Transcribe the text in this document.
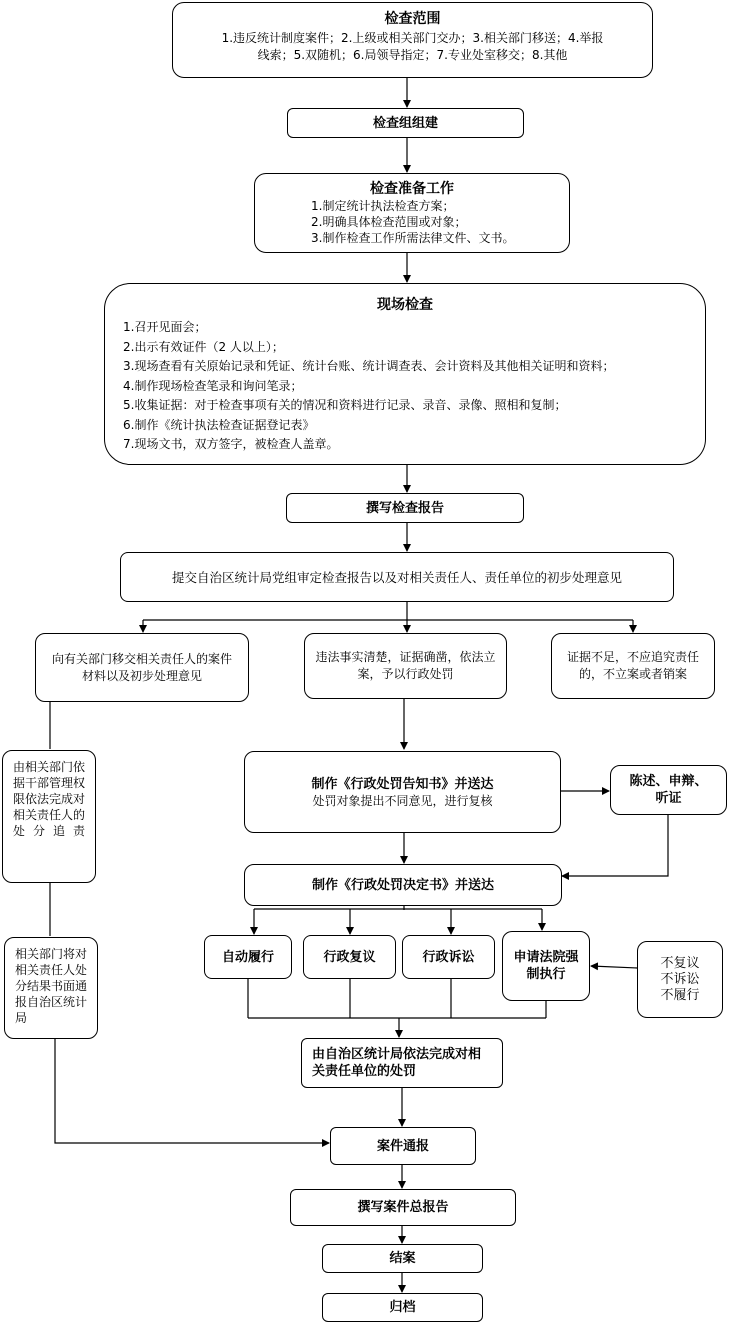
检查范围
1.违反统计制度案件；2.上级或相关部门交办；3.相关部门移送；4.举报
线索；5.双随机；6.局领导指定；7.专业处室移交；8.其他
检查组组建
检查准备工作
1.制定统计执法检查方案；
2.明确具体检查范围或对象；
3.制作检查工作所需法律文件、文书。
现场检查
1.召开见面会；
2.出示有效证件（2 人以上）；
3.现场查看有关原始记录和凭证、统计台账、统计调查表、会计资料及其他相关证明和资料；
4.制作现场检查笔录和询问笔录；
5.收集证据：对于检查事项有关的情况和资料进行记录、录音、录像、照相和复制；
6.制作《统计执法检查证据登记表》
7.现场文书，双方签字，被检查人盖章。
撰写检查报告
提交自治区统计局党组审定检查报告以及对相关责任人、责任单位的初步处理意见
向有关部门移交相关责任人的案件材料以及初步处理意见
违法事实清楚，证据确凿，依法立案，予以行政处罚
证据不足，不应追究责任的，不立案或者销案
由相关部门依据干部管理权限依法完成对相关责任人的处分追责
相关部门将对相关责任人处分结果书面通报自治区统计局
制作《行政处罚告知书》并送达
处罚对象提出不同意见，进行复核
陈述、申辩、听证
制作《行政处罚决定书》并送达
自动履行	行政复议	行政诉讼	申请法院强制执行
不复议
不诉讼
不履行
由自治区统计局依法完成对相关责任单位的处罚
案件通报
撰写案件总报告
结案
归档
